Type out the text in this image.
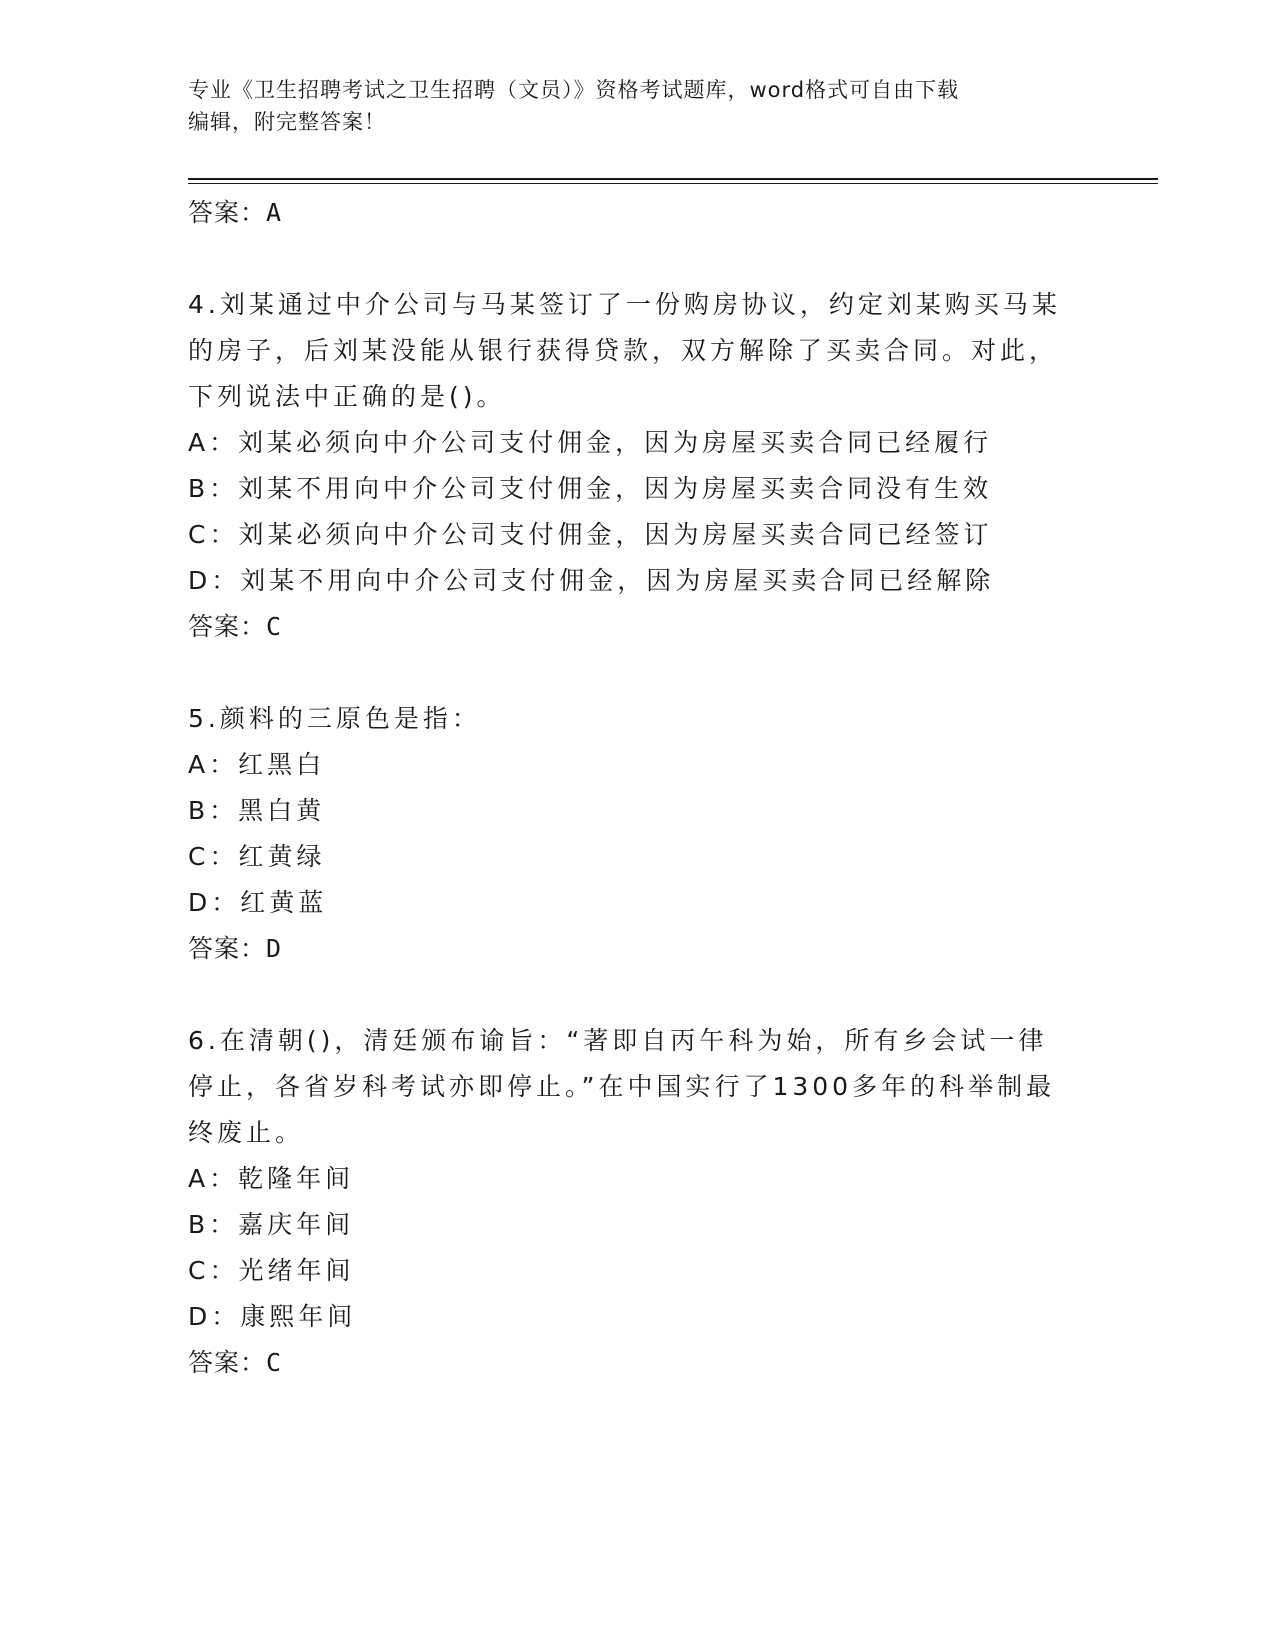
专业《卫生招聘考试之卫生招聘（文员）》资格考试题库，word格式可自由下载
编辑，附完整答案！
答案：A
4.刘某通过中介公司与马某签订了一份购房协议，约定刘某购买马某
的房子，后刘某没能从银行获得贷款，双方解除了买卖合同。对此，
下列说法中正确的是()。
A：刘某必须向中介公司支付佣金，因为房屋买卖合同已经履行
B：刘某不用向中介公司支付佣金，因为房屋买卖合同没有生效
C：刘某必须向中介公司支付佣金，因为房屋买卖合同已经签订
D：刘某不用向中介公司支付佣金，因为房屋买卖合同已经解除
答案：C
5.颜料的三原色是指：
A：红黑白
B：黑白黄
C：红黄绿
D：红黄蓝
答案：D
6.在清朝()，清廷颁布谕旨：“著即自丙午科为始，所有乡会试一律
停止，各省岁科考试亦即停止。”在中国实行了1300多年的科举制最
终废止。
A：乾隆年间
B：嘉庆年间
C：光绪年间
D：康熙年间
答案：C
